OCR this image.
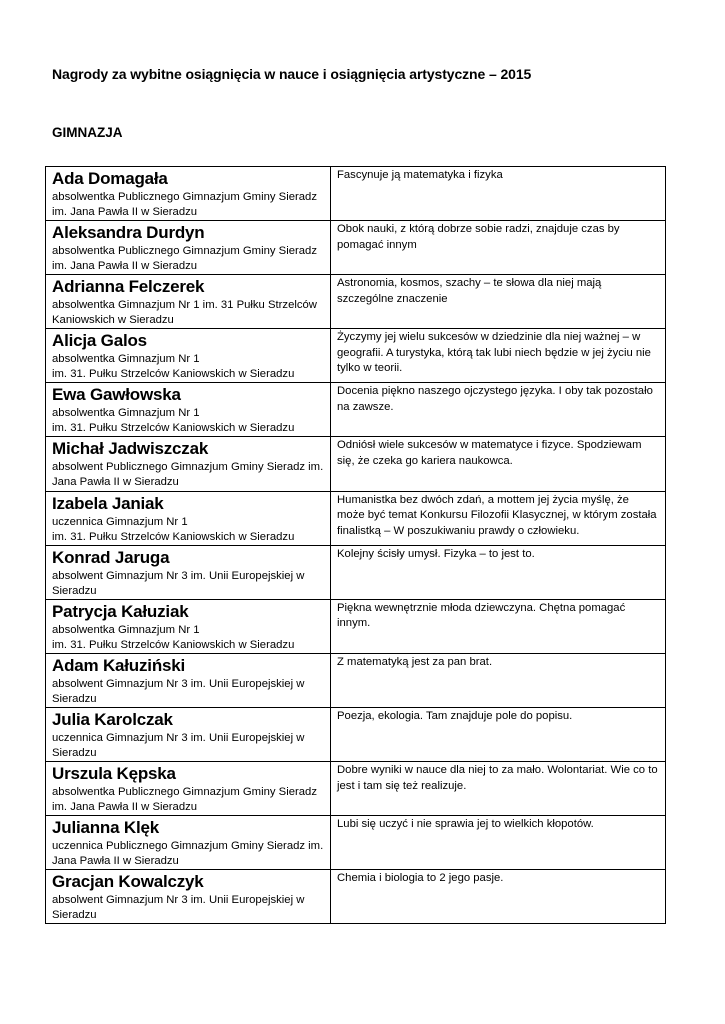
Nagrody za wybitne osiągnięcia w nauce i osiągnięcia artystyczne – 2015
GIMNAZJA
Ada Domagała
absolwentka Publicznego Gimnazjum Gminy Sieradz im. Jana Pawła II w Sieradzu	Fascynuje ją matematyka i fizyka

Aleksandra Durdyn
absolwentka Publicznego Gimnazjum Gminy Sieradz im. Jana Pawła II w Sieradzu	Obok nauki, z którą dobrze sobie radzi, znajduje czas by pomagać innym

Adrianna Felczerek
absolwentka Gimnazjum Nr 1 im. 31 Pułku Strzelców Kaniowskich w Sieradzu	Astronomia, kosmos, szachy – te słowa dla niej mają szczególne znaczenie

Alicja Galos
absolwentka Gimnazjum Nr 1
im. 31. Pułku Strzelców Kaniowskich w Sieradzu	Życzymy jej wielu sukcesów w dziedzinie dla niej ważnej – w geografii. A turystyka, którą tak lubi niech będzie w jej życiu nie tylko w teorii.

Ewa Gawłowska
absolwentka Gimnazjum Nr 1
im. 31. Pułku Strzelców Kaniowskich w Sieradzu	Docenia piękno naszego ojczystego języka. I oby tak pozostało na zawsze.

Michał Jadwiszczak
absolwent Publicznego Gimnazjum Gminy Sieradz im. Jana Pawła II w Sieradzu	Odniósł wiele sukcesów w matematyce i fizyce. Spodziewam się, że czeka go kariera naukowca.

Izabela Janiak
uczennica Gimnazjum Nr 1
im. 31. Pułku Strzelców Kaniowskich w Sieradzu	Humanistka bez dwóch zdań, a mottem jej życia myślę, że może być temat Konkursu Filozofii Klasycznej, w którym została finalistką – W poszukiwaniu prawdy o człowieku.

Konrad Jaruga
absolwent Gimnazjum Nr 3 im. Unii Europejskiej w Sieradzu	Kolejny ścisły umysł. Fizyka – to jest to.

Patrycja Kałuziak
absolwentka Gimnazjum Nr 1
im. 31. Pułku Strzelców Kaniowskich w Sieradzu	Piękna wewnętrznie młoda dziewczyna. Chętna pomagać innym.

Adam Kałuziński
absolwent Gimnazjum Nr 3 im. Unii Europejskiej w Sieradzu	Z matematyką jest za pan brat.

Julia Karolczak
uczennica Gimnazjum Nr 3 im. Unii Europejskiej w Sieradzu	Poezja, ekologia. Tam znajduje pole do popisu.

Urszula Kępska
absolwentka Publicznego Gimnazjum Gminy Sieradz im. Jana Pawła II w Sieradzu	Dobre wyniki w nauce dla niej to za mało. Wolontariat. Wie co to jest i tam się też realizuje.

Julianna Klęk
uczennica Publicznego Gimnazjum Gminy Sieradz im. Jana Pawła II w Sieradzu	Lubi się uczyć i nie sprawia jej to wielkich kłopotów.

Gracjan Kowalczyk
absolwent Gimnazjum Nr 3 im. Unii Europejskiej w Sieradzu	Chemia i biologia to 2 jego pasje.
